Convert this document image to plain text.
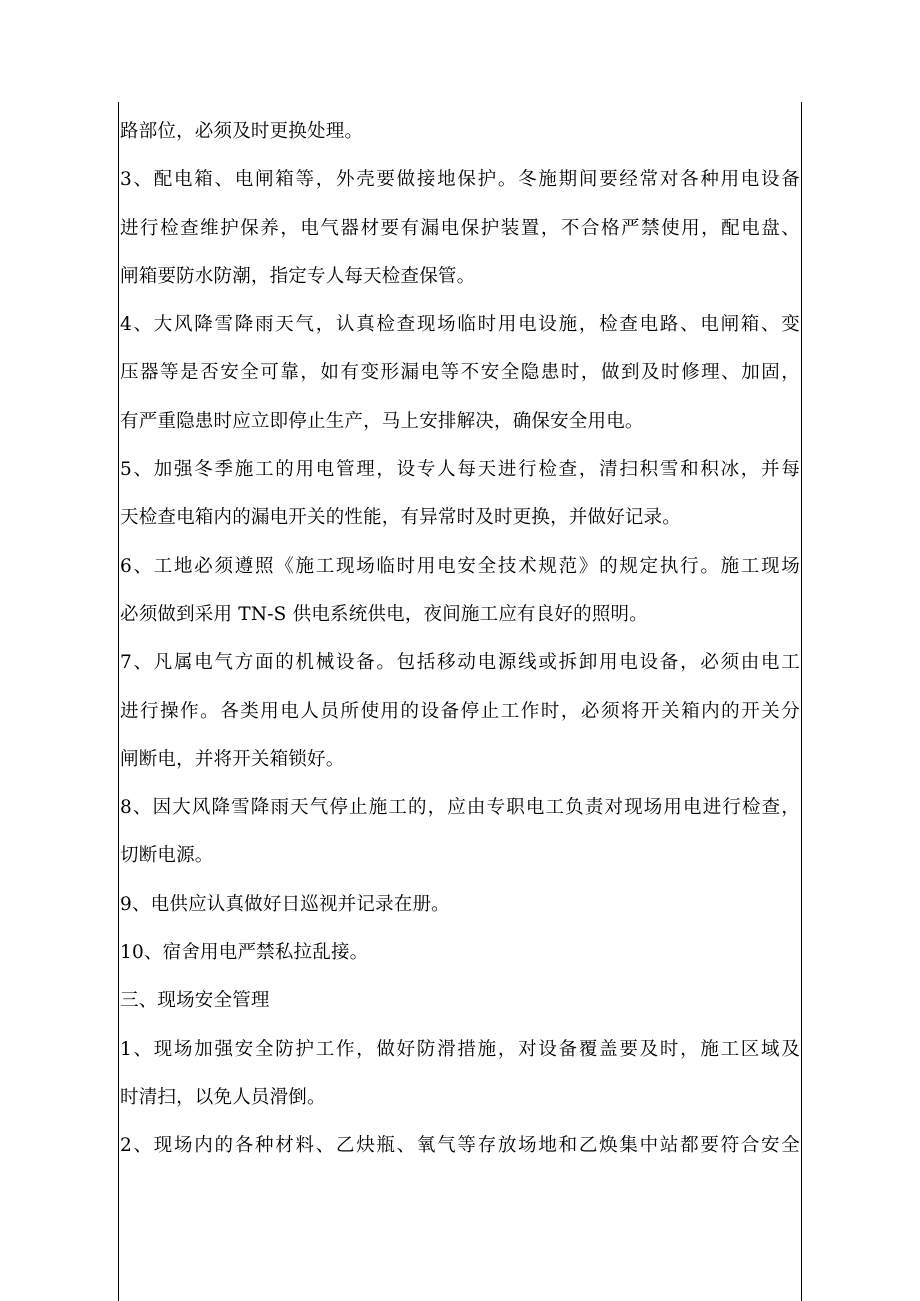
路部位，必须及时更换处理。
3、配电箱、电闸箱等，外壳要做接地保护。冬施期间要经常对各种用电设备
进行检查维护保养，电气器材要有漏电保护装置，不合格严禁使用，配电盘、
闸箱要防水防潮，指定专人每天检查保管。
4、大风降雪降雨天气，认真检查现场临时用电设施，检查电路、电闸箱、变
压器等是否安全可靠，如有变形漏电等不安全隐患时，做到及时修理、加固，
有严重隐患时应立即停止生产，马上安排解决，确保安全用电。
5、加强冬季施工的用电管理，设专人每天进行检查，清扫积雪和积冰，并每
天检查电箱内的漏电开关的性能，有异常时及时更换，并做好记录。
6、工地必须遵照《施工现场临时用电安全技术规范》的规定执行。施工现场
必须做到采用 TN-S 供电系统供电，夜间施工应有良好的照明。
7、凡属电气方面的机械设备。包括移动电源线或拆卸用电设备，必须由电工
进行操作。各类用电人员所使用的设备停止工作时，必须将开关箱内的开关分
闸断电，并将开关箱锁好。
8、因大风降雪降雨天气停止施工的，应由专职电工负责对现场用电进行检查，
切断电源。
9、电供应认真做好日巡视并记录在册。
10、宿舍用电严禁私拉乱接。
三、现场安全管理
1、现场加强安全防护工作，做好防滑措施，对设备覆盖要及时，施工区域及
时清扫，以免人员滑倒。
2、现场内的各种材料、乙炔瓶、氧气等存放场地和乙焕集中站都要符合安全
